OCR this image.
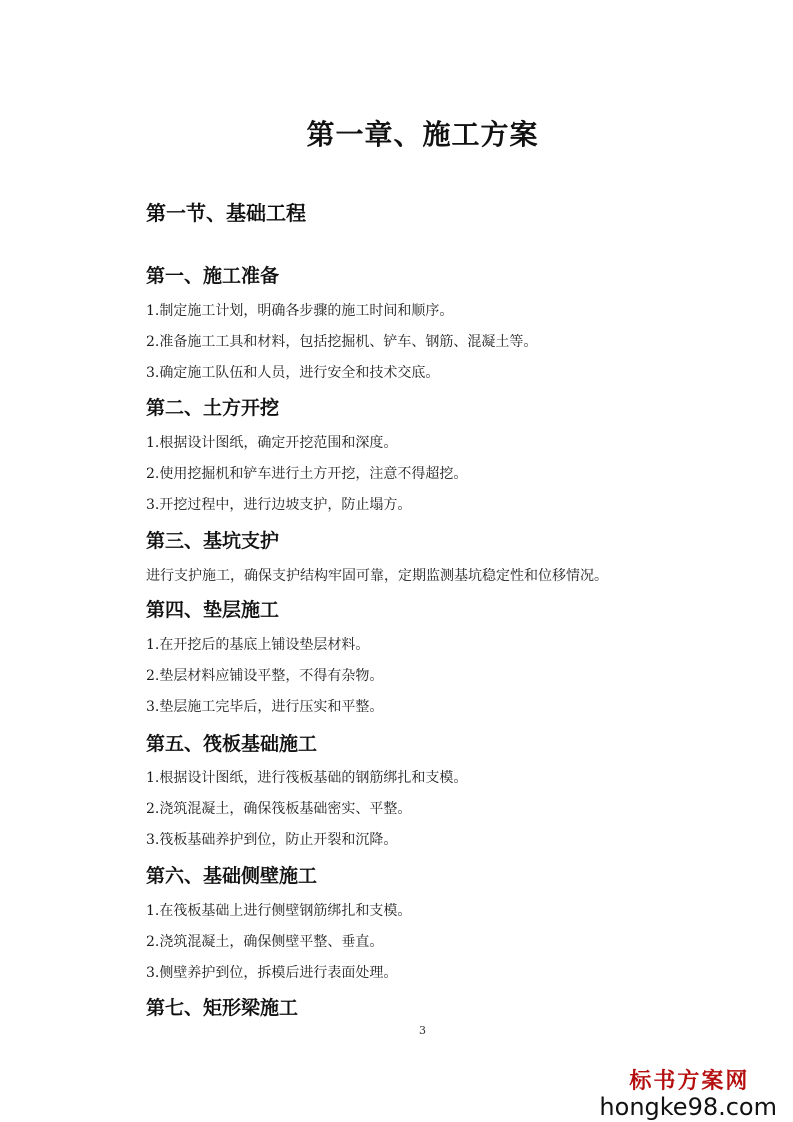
第一章、施工方案
第一节、基础工程
第一、施工准备
1.制定施工计划，明确各步骤的施工时间和顺序。
2.准备施工工具和材料，包括挖掘机、铲车、钢筋、混凝土等。
3.确定施工队伍和人员，进行安全和技术交底。
第二、土方开挖
1.根据设计图纸，确定开挖范围和深度。
2.使用挖掘机和铲车进行土方开挖，注意不得超挖。
3.开挖过程中，进行边坡支护，防止塌方。
第三、基坑支护
进行支护施工，确保支护结构牢固可靠，定期监测基坑稳定性和位移情况。
第四、垫层施工
1.在开挖后的基底上铺设垫层材料。
2.垫层材料应铺设平整，不得有杂物。
3.垫层施工完毕后，进行压实和平整。
第五、筏板基础施工
1.根据设计图纸，进行筏板基础的钢筋绑扎和支模。
2.浇筑混凝土，确保筏板基础密实、平整。
3.筏板基础养护到位，防止开裂和沉降。
第六、基础侧壁施工
1.在筏板基础上进行侧壁钢筋绑扎和支模。
2.浇筑混凝土，确保侧壁平整、垂直。
3.侧壁养护到位，拆模后进行表面处理。
第七、矩形梁施工
3
标书方案网
hongke98.com
